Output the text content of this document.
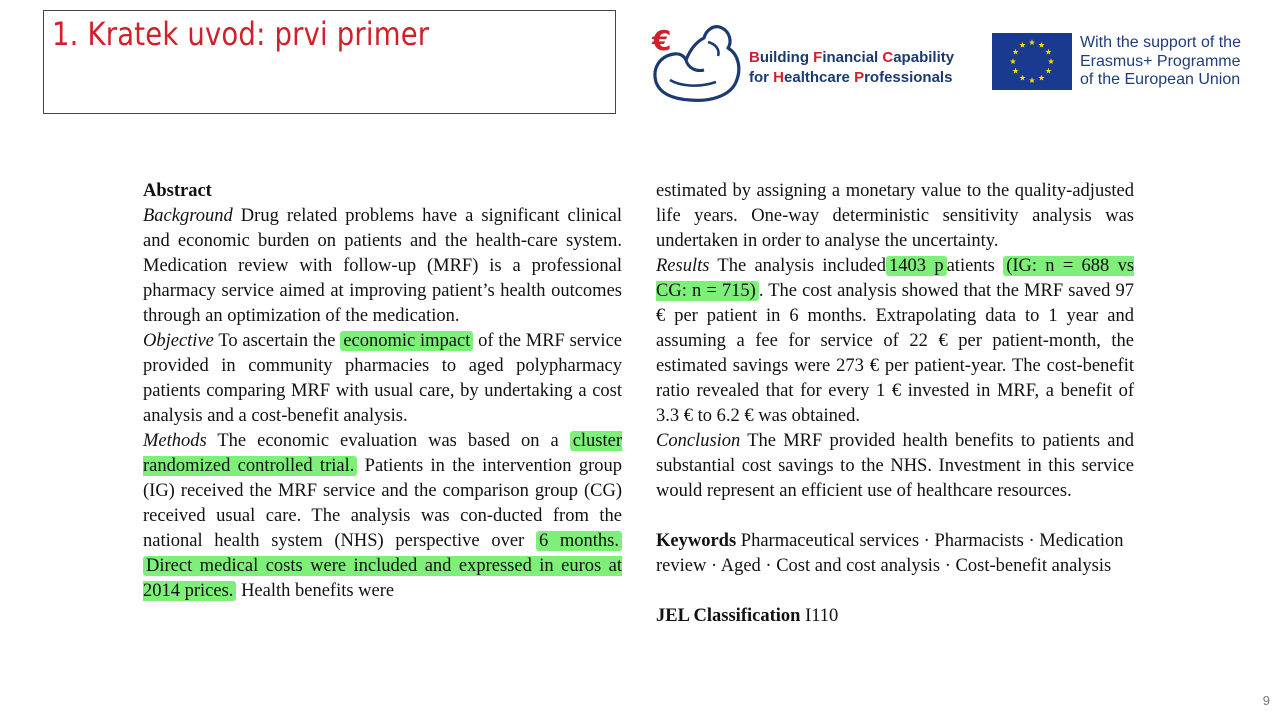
1. Kratek uvod: prvi primer	€
Building Financial Capability
for Healthcare Professionals
With the support of the
Erasmus+ Programme
of the European Union

Abstract

Background Drug related problems have a significant clinical and economic burden on patients and the health-care system. Medication review with follow-up (MRF) is a professional pharmacy service aimed at improving patient’s health outcomes through an optimization of the medication.

Objective To ascertain the economic impact of the MRF service provided in community pharmacies to aged polypharmacy patients comparing MRF with usual care, by undertaking a cost analysis and a cost-benefit analysis.

Methods The economic evaluation was based on a cluster randomized controlled trial. Patients in the intervention group (IG) received the MRF service and the comparison group (CG) received usual care. The analysis was con-ducted from the national health system (NHS) perspective over 6 months. Direct medical costs were included and expressed in euros at 2014 prices. Health benefits were

estimated by assigning a monetary value to the quality-adjusted life years. One-way deterministic sensitivity analysis was undertaken in order to analyse the uncertainty.

Results The analysis included 1403 p atients (IG: n = 688 vs CG: n = 715) . The cost analysis showed that the MRF saved 97 € per patient in 6 months. Extrapolating data to 1 year and assuming a fee for service of 22 € per patient-month, the estimated savings were 273 € per patient-year. The cost-benefit ratio revealed that for every 1 € invested in MRF, a benefit of 3.3 € to 6.2 € was obtained.

Conclusion The MRF provided health benefits to patients and substantial cost savings to the NHS. Investment in this service would represent an efficient use of healthcare resources.

Keywords Pharmaceutical services · Pharmacists · Medication review · Aged · Cost and cost analysis · Cost-benefit analysis

JEL Classification I110

9
